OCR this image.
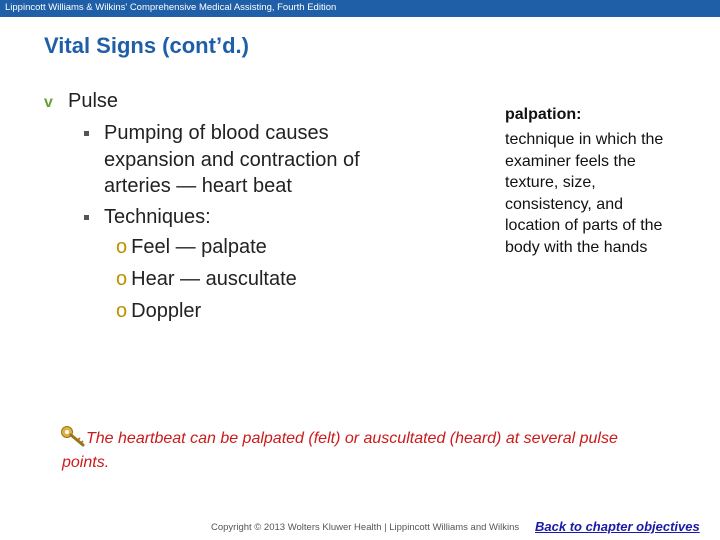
Lippincott Williams & Wilkins' Comprehensive Medical Assisting, Fourth Edition
Vital Signs (cont’d.)
v Pulse
Pumping of blood causes expansion and contraction of arteries — heart beat
Techniques:
o Feel — palpate
o Hear — auscultate
o Doppler
palpation:
technique in which the examiner feels the texture, size, consistency, and location of parts of the body with the hands
The heartbeat can be palpated (felt) or auscultated (heard) at several pulse points.
Copyright © 2013 Wolters Kluwer Health | Lippincott Williams and Wilkins Back to chapter objectives
